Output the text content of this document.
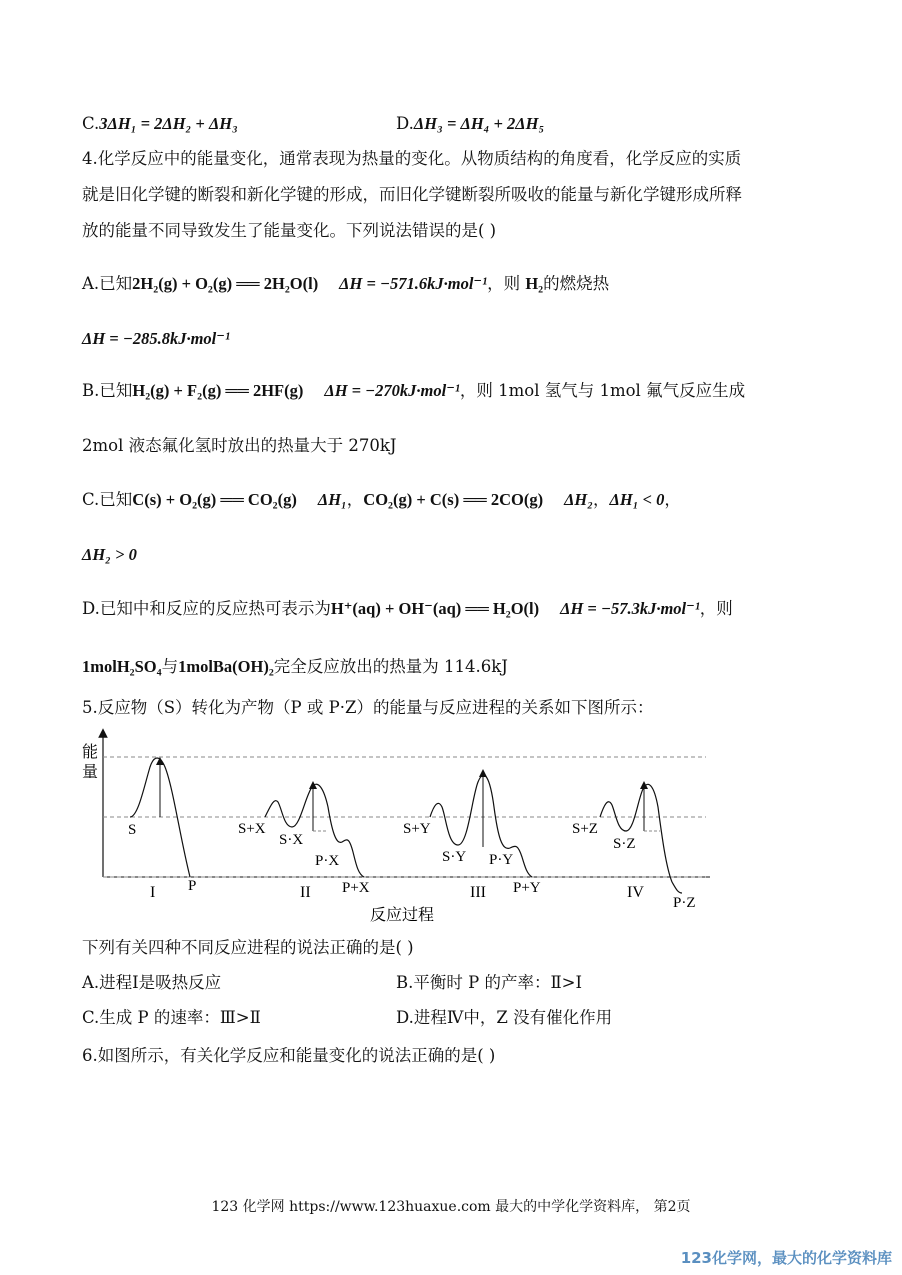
C.3ΔH₁ = 2ΔH₂ + ΔH₃	D.ΔH₃ = ΔH₄ + 2ΔH₅
4.化学反应中的能量变化，通常表现为热量的变化。从物质结构的角度看，化学反应的实质
就是旧化学键的断裂和新化学键的形成，而旧化学键断裂所吸收的能量与新化学键形成所释
放的能量不同导致发生了能量变化。下列说法错误的是( )
A.已知2H₂(g) + O₂(g) ══ 2H₂O(l) ΔH = −571.6kJ·mol⁻¹，则 H₂的燃烧热
ΔH = −285.8kJ·mol⁻¹
B.已知H₂(g) + F₂(g) ══ 2HF(g) ΔH = −270kJ·mol⁻¹，则 1mol 氢气与 1mol 氟气反应生成
2mol 液态氟化氢时放出的热量大于 270kJ
C.已知C(s) + O₂(g) ══ CO₂(g) ΔH₁，CO₂(g) + C(s) ══ 2CO(g) ΔH₂，ΔH₁ < 0，
ΔH₂ > 0
D.已知中和反应的反应热可表示为H⁺(aq) + OH⁻(aq) ══ H₂O(l) ΔH = −57.3kJ·mol⁻¹，则
1molH₂SO₄与1molBa(OH)₂完全反应放出的热量为 114.6kJ
5.反应物（S）转化为产物（P 或 P·Z）的能量与反应进程的关系如下图所示：
能
量
S
P
I
S+X
S·X
P·X
P+X
II
S+Y
S·Y P·Y
P+Y
III
S+Z
S·Z
P·Z
IV
反应过程
下列有关四种不同反应进程的说法正确的是( )
A.进程Ⅰ是吸热反应	B.平衡时 P 的产率：Ⅱ>Ⅰ
C.生成 P 的速率：Ⅲ>Ⅱ	D.进程Ⅳ中，Z 没有催化作用
6.如图所示，有关化学反应和能量变化的说法正确的是( )
123 化学网 https://www.123huaxue.com 最大的中学化学资料库， 第2页
123化学网，最大的化学资料库
